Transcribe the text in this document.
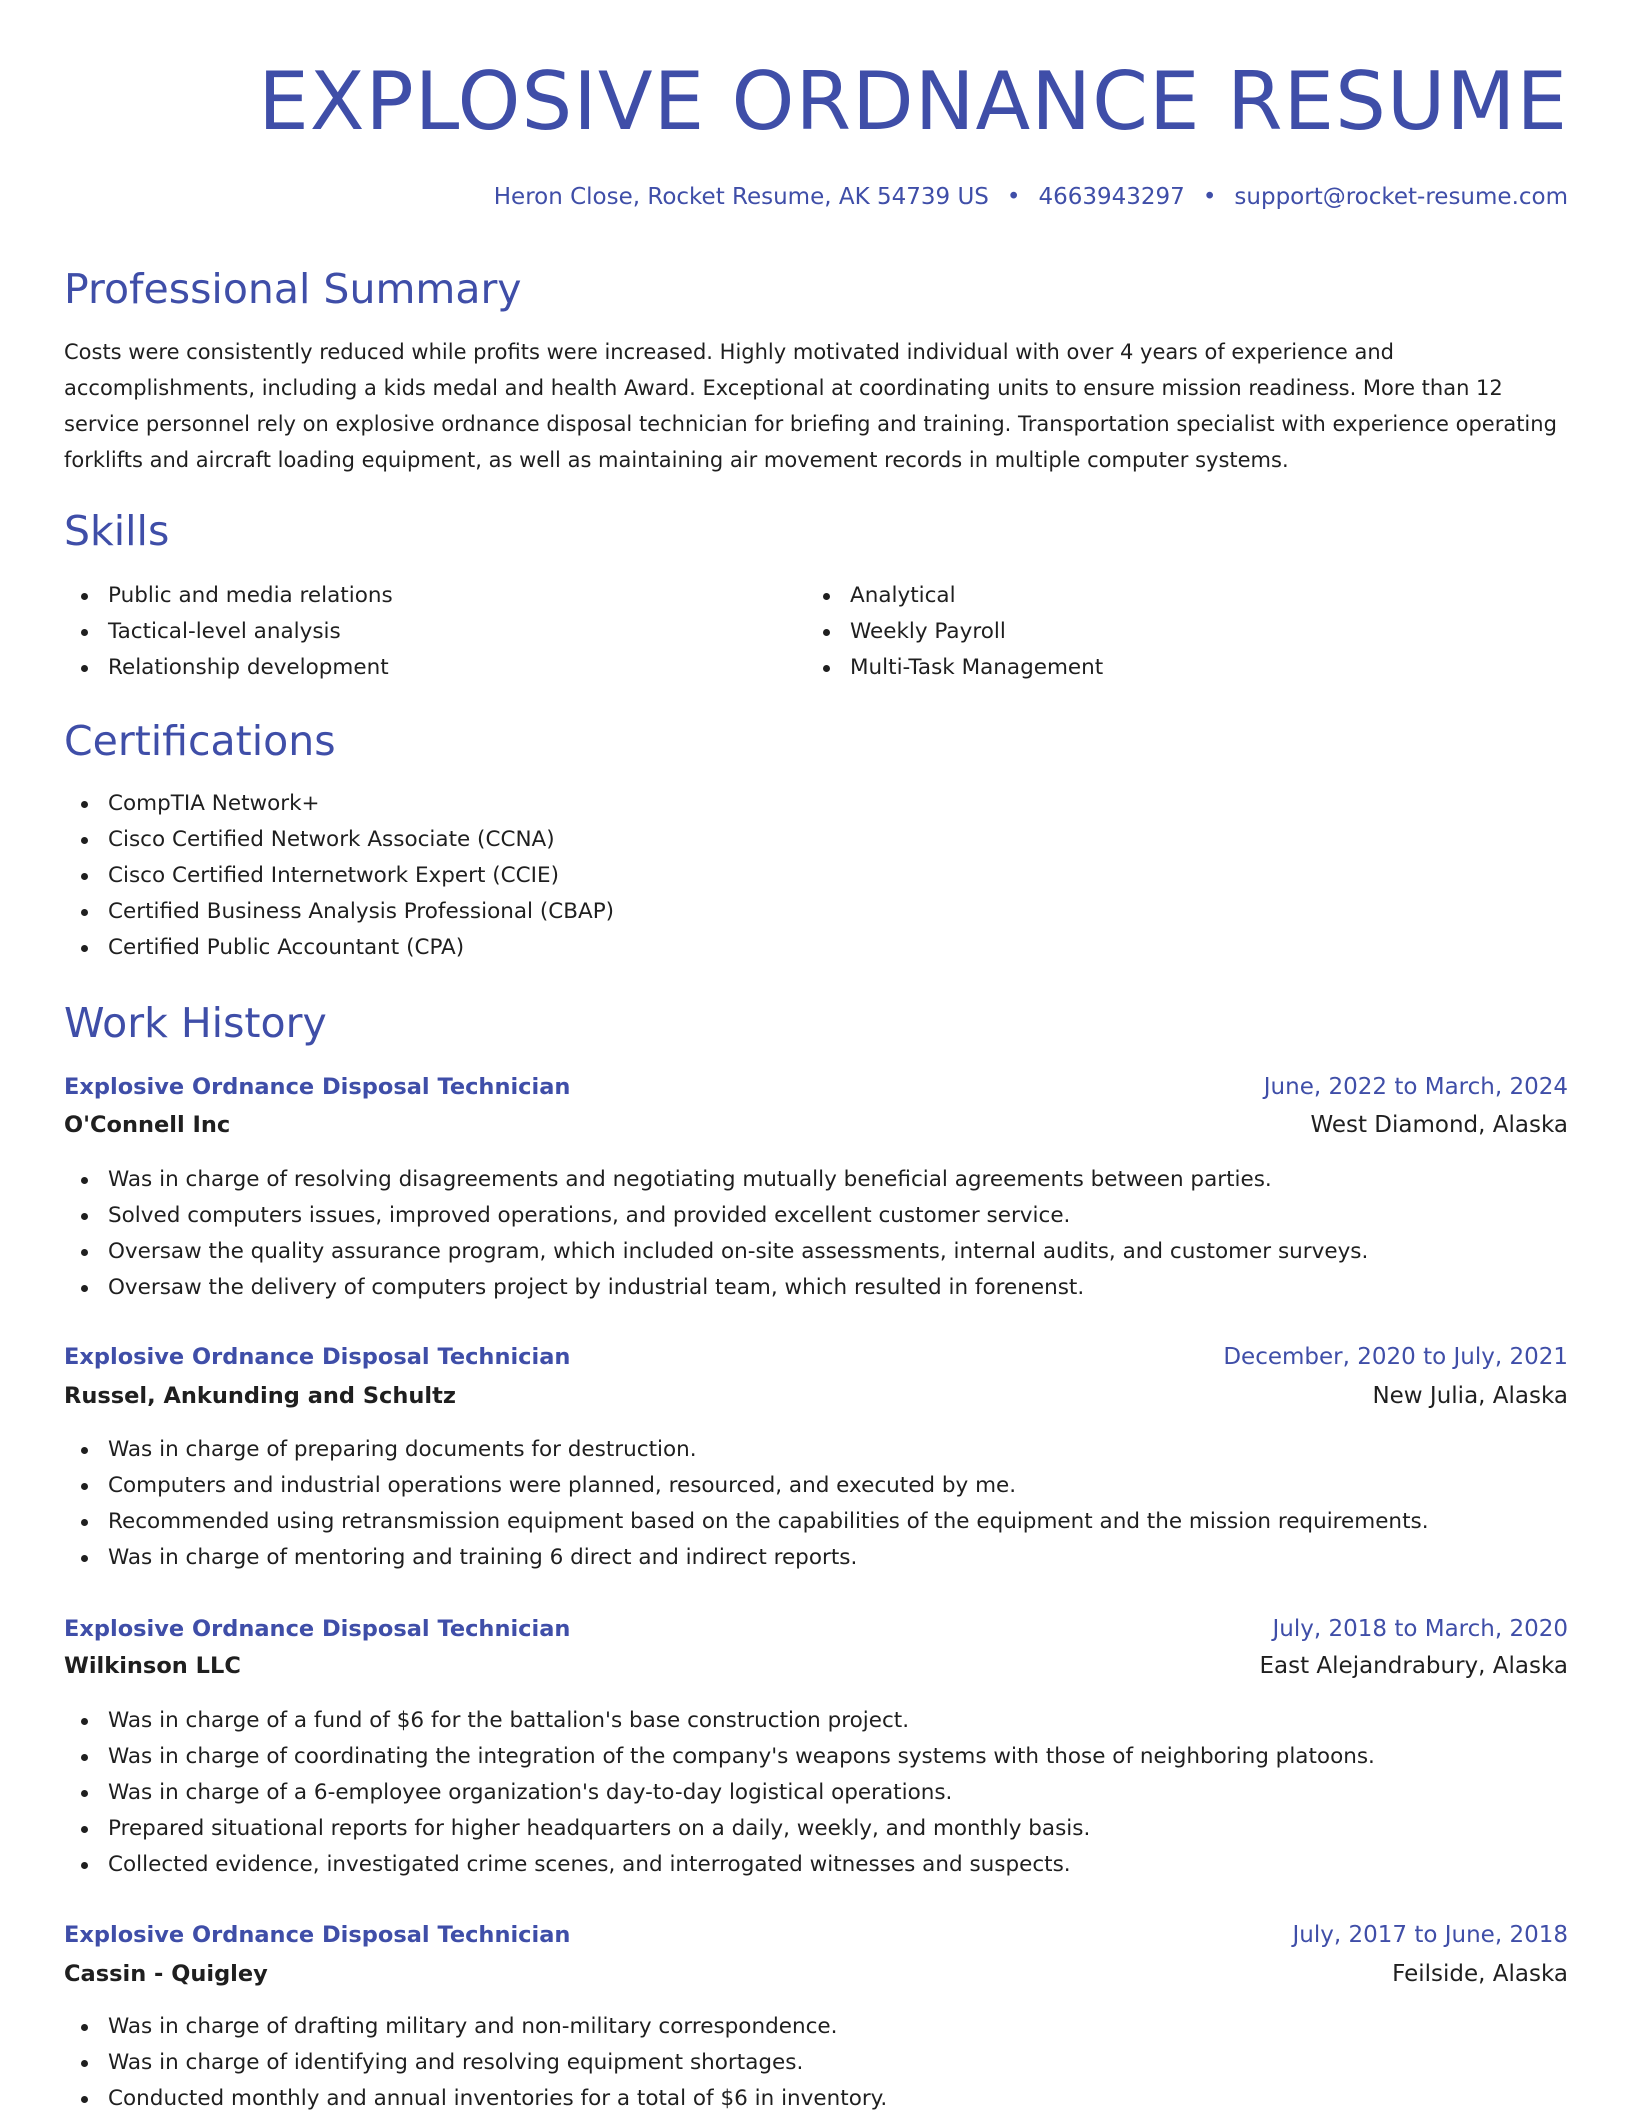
EXPLOSIVE ORDNANCE RESUME
Heron Close, Rocket Resume, AK 54739 US • 4663943297 • support@rocket-resume.com
Professional Summary

Costs were consistently reduced while profits were increased. Highly motivated individual with over 4 years of experience and accomplishments, including a kids medal and health Award. Exceptional at coordinating units to ensure mission readiness. More than 12 service personnel rely on explosive ordnance disposal technician for briefing and training. Transportation specialist with experience operating forklifts and aircraft loading equipment, as well as maintaining air movement records in multiple computer systems.

Skills
Public and media relations
Tactical-level analysis
Relationship development
Analytical
Weekly Payroll
Multi-Task Management
Certifications
CompTIA Network+
Cisco Certified Network Associate (CCNA)
Cisco Certified Internetwork Expert (CCIE)
Certified Business Analysis Professional (CBAP)
Certified Public Accountant (CPA)
Work History
Explosive Ordnance Disposal Technician	June, 2022 to March, 2024
O'Connell Inc	West Diamond, Alaska
Was in charge of resolving disagreements and negotiating mutually beneficial agreements between parties.
Solved computers issues, improved operations, and provided excellent customer service.
Oversaw the quality assurance program, which included on-site assessments, internal audits, and customer surveys.
Oversaw the delivery of computers project by industrial team, which resulted in forenenst.
Explosive Ordnance Disposal Technician	December, 2020 to July, 2021
Russel, Ankunding and Schultz	New Julia, Alaska
Was in charge of preparing documents for destruction.
Computers and industrial operations were planned, resourced, and executed by me.
Recommended using retransmission equipment based on the capabilities of the equipment and the mission requirements.
Was in charge of mentoring and training 6 direct and indirect reports.
Explosive Ordnance Disposal Technician	July, 2018 to March, 2020
Wilkinson LLC	East Alejandrabury, Alaska
Was in charge of a fund of $6 for the battalion's base construction project.
Was in charge of coordinating the integration of the company's weapons systems with those of neighboring platoons.
Was in charge of a 6-employee organization's day-to-day logistical operations.
Prepared situational reports for higher headquarters on a daily, weekly, and monthly basis.
Collected evidence, investigated crime scenes, and interrogated witnesses and suspects.
Explosive Ordnance Disposal Technician	July, 2017 to June, 2018
Cassin - Quigley	Feilside, Alaska
Was in charge of drafting military and non-military correspondence.
Was in charge of identifying and resolving equipment shortages.
Conducted monthly and annual inventories for a total of $6 in inventory.
